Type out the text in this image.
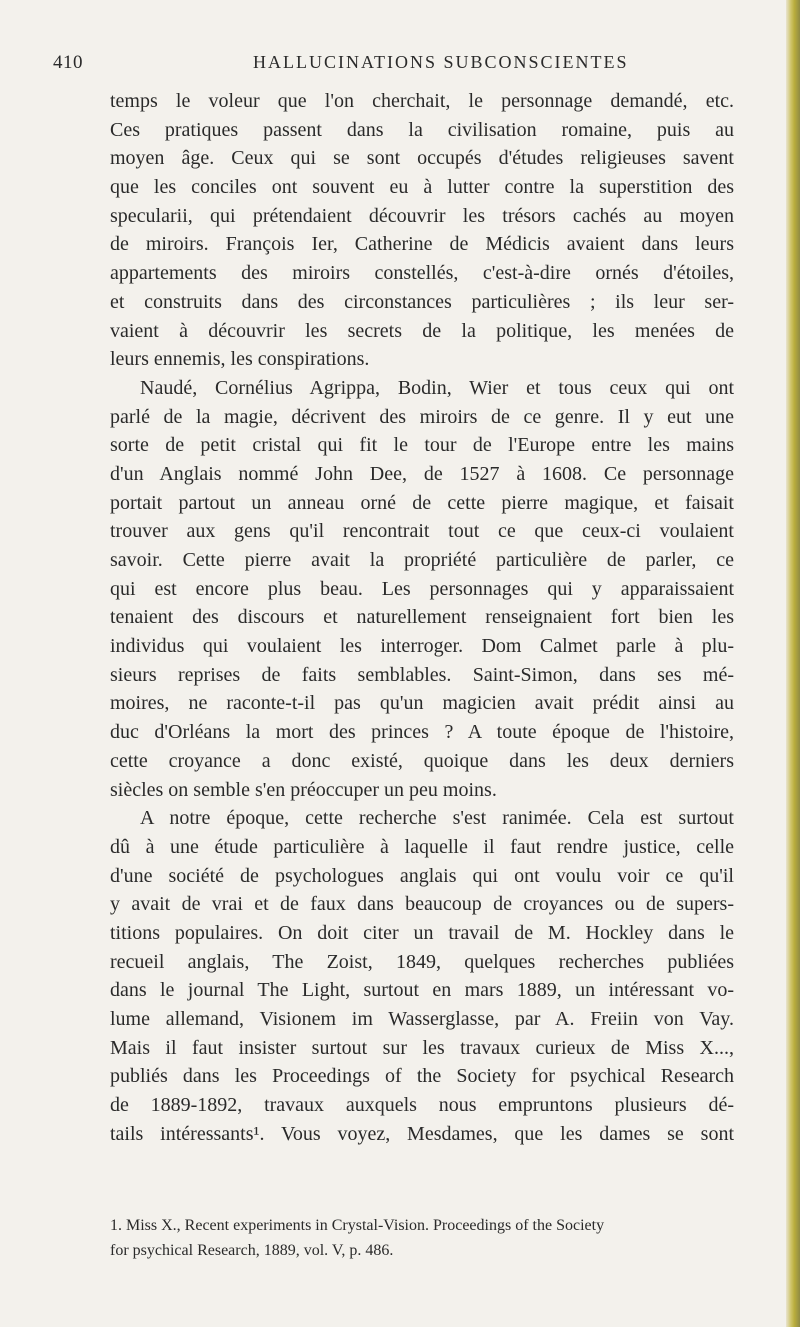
410	HALLUCINATIONS SUBCONSCIENTES
temps le voleur que l'on cherchait, le personnage demandé, etc.
Ces pratiques passent dans la civilisation romaine, puis au
moyen âge. Ceux qui se sont occupés d'études religieuses savent
que les conciles ont souvent eu à lutter contre la superstition des
specularii, qui prétendaient découvrir les trésors cachés au moyen
de miroirs. François Ier, Catherine de Médicis avaient dans leurs
appartements des miroirs constellés, c'est-à-dire ornés d'étoiles,
et construits dans des circonstances particulières ; ils leur ser-
vaient à découvrir les secrets de la politique, les menées de
leurs ennemis, les conspirations.
Naudé, Cornélius Agrippa, Bodin, Wier et tous ceux qui ont
parlé de la magie, décrivent des miroirs de ce genre. Il y eut une
sorte de petit cristal qui fit le tour de l'Europe entre les mains
d'un Anglais nommé John Dee, de 1527 à 1608. Ce personnage
portait partout un anneau orné de cette pierre magique, et faisait
trouver aux gens qu'il rencontrait tout ce que ceux-ci voulaient
savoir. Cette pierre avait la propriété particulière de parler, ce
qui est encore plus beau. Les personnages qui y apparaissaient
tenaient des discours et naturellement renseignaient fort bien les
individus qui voulaient les interroger. Dom Calmet parle à plu-
sieurs reprises de faits semblables. Saint-Simon, dans ses mé-
moires, ne raconte-t-il pas qu'un magicien avait prédit ainsi au
duc d'Orléans la mort des princes ? A toute époque de l'histoire,
cette croyance a donc existé, quoique dans les deux derniers
siècles on semble s'en préoccuper un peu moins.
A notre époque, cette recherche s'est ranimée. Cela est surtout
dû à une étude particulière à laquelle il faut rendre justice, celle
d'une société de psychologues anglais qui ont voulu voir ce qu'il
y avait de vrai et de faux dans beaucoup de croyances ou de supers-
titions populaires. On doit citer un travail de M. Hockley dans le
recueil anglais, The Zoist, 1849, quelques recherches publiées
dans le journal The Light, surtout en mars 1889, un intéressant vo-
lume allemand, Visionem im Wasserglasse, par A. Freiin von Vay.
Mais il faut insister surtout sur les travaux curieux de Miss X...,
publiés dans les Proceedings of the Society for psychical Research
de 1889-1892, travaux auxquels nous empruntons plusieurs dé-
tails intéressants¹. Vous voyez, Mesdames, que les dames se sont
1. Miss X., Recent experiments in Crystal-Vision. Proceedings of the Society
for psychical Research, 1889, vol. V, p. 486.
